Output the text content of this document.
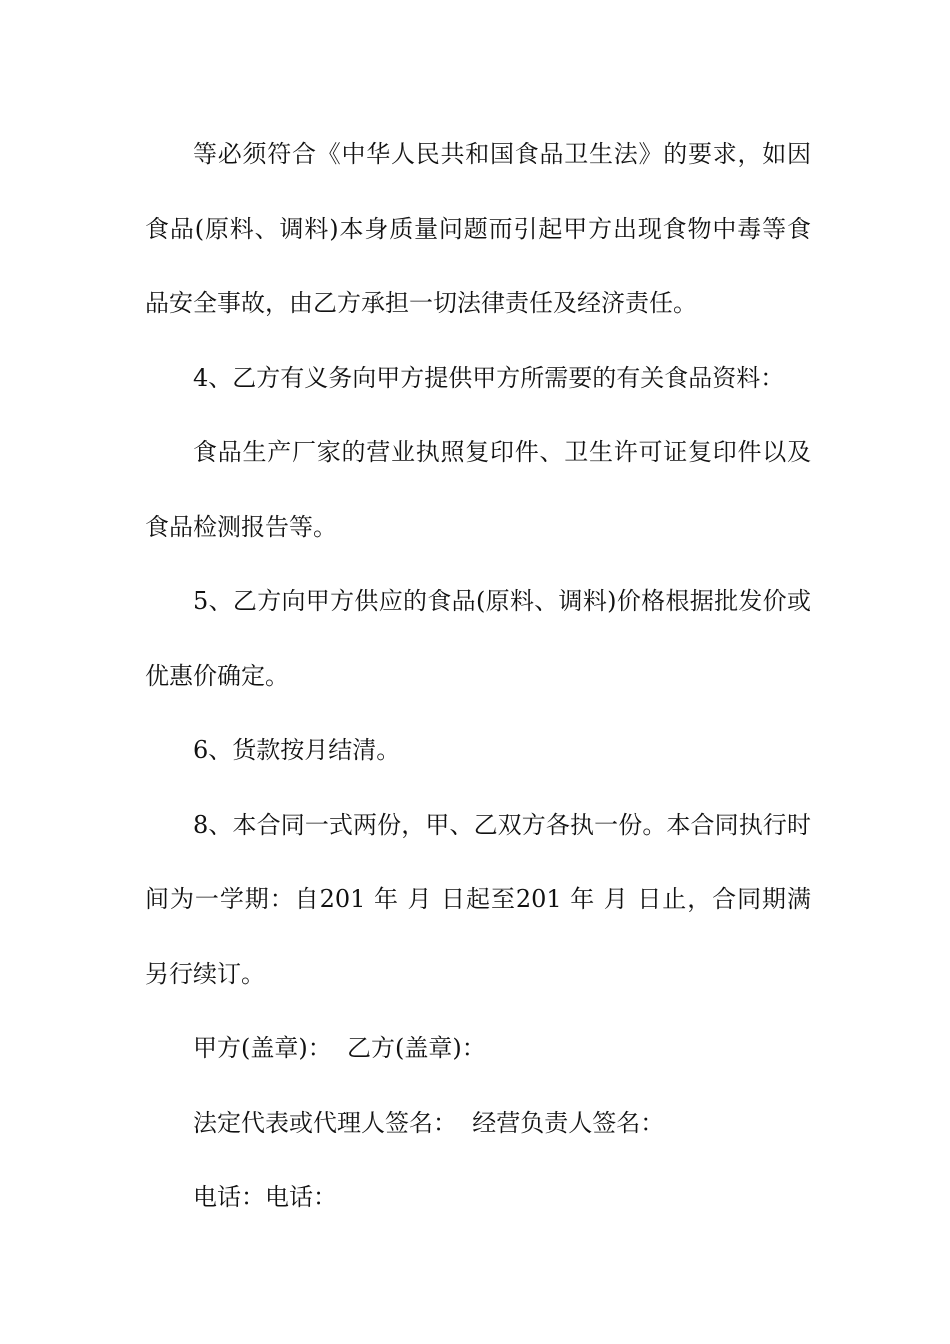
等必须符合《中华人民共和国食品卫生法》的要求，如因
食品(原料、调料)本身质量问题而引起甲方出现食物中毒等食
品安全事故，由乙方承担一切法律责任及经济责任。
4、乙方有义务向甲方提供甲方所需要的有关食品资料：
食品生产厂家的营业执照复印件、卫生许可证复印件以及
食品检测报告等。
5、乙方向甲方供应的食品(原料、调料)价格根据批发价或
优惠价确定。
6、货款按月结清。
8、本合同一式两份，甲、乙双方各执一份。本合同执行时
间为一学期：自201 年 月 日起至201 年 月 日止，合同期满
另行续订。
甲方(盖章)：  乙方(盖章)：
法定代表或代理人签名：  经营负责人签名：
电话：电话：
